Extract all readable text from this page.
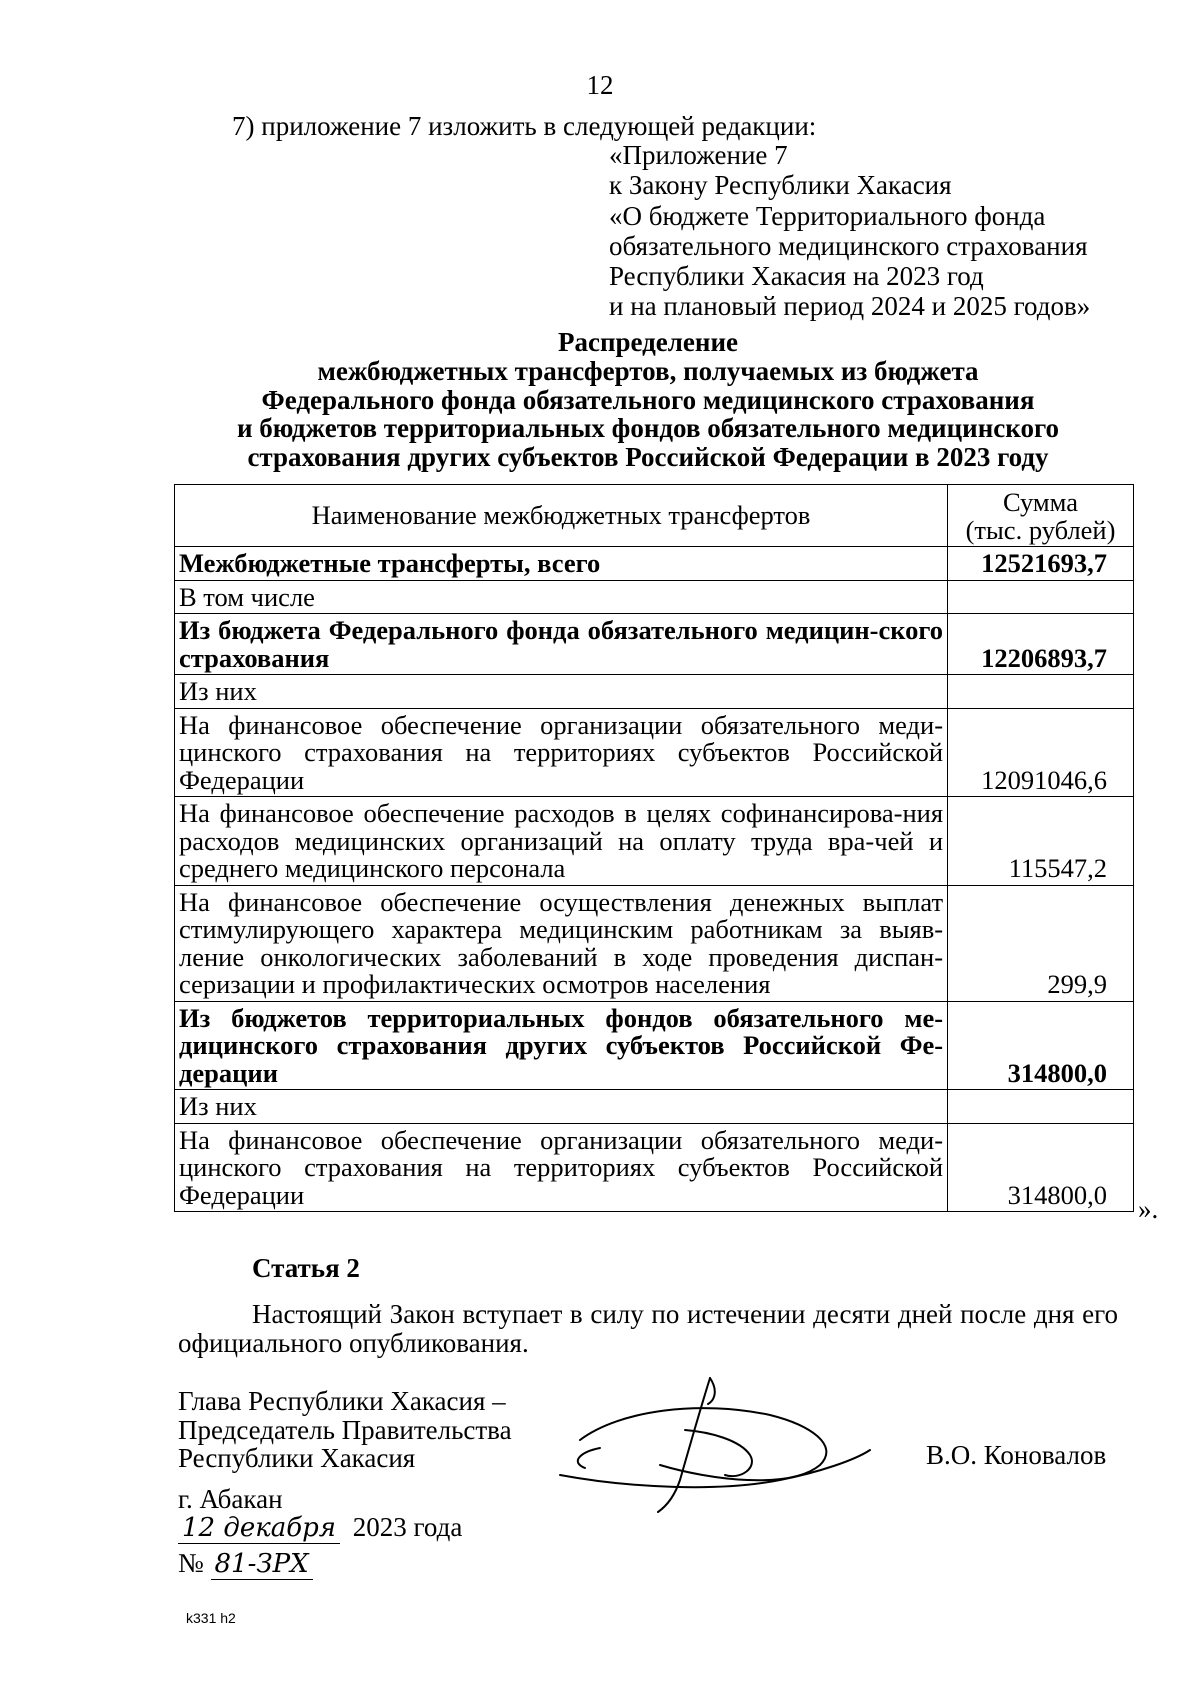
12
7) приложение 7 изложить в следующей редакции:
«Приложение 7
к Закону Республики Хакасия
«О бюджете Территориального фонда
обязательного медицинского страхования
Республики Хакасия на 2023 год
и на плановый период 2024 и 2025 годов»
Распределение
межбюджетных трансфертов, получаемых из бюджета
Федерального фонда обязательного медицинского страхования
и бюджетов территориальных фондов обязательного медицинского
страхования других субъектов Российской Федерации в 2023 году
Наименование межбюджетных трансфертов	Сумма
(тыс. рублей)
Межбюджетные трансферты, всего	12521693,7
В том числе	
Из бюджета Федерального фонда обязательного медицин-ского страхования	12206893,7
Из них	
На финансовое обеспечение организации обязательного меди-цинского страхования на территориях субъектов Российской Федерации	12091046,6
На финансовое обеспечение расходов в целях софинансирова-ния расходов медицинских организаций на оплату труда вра-чей и среднего медицинского персонала	115547,2
На финансовое обеспечение осуществления денежных выплат стимулирующего характера медицинским работникам за выяв-ление онкологических заболеваний в ходе проведения диспан-серизации и профилактических осмотров населения	299,9
Из бюджетов территориальных фондов обязательного ме-дицинского страхования других субъектов Российской Фе-дерации	314800,0
Из них	
На финансовое обеспечение организации обязательного меди-цинского страхования на территориях субъектов Российской Федерации	314800,0 ».
Статья 2
Настоящий Закон вступает в силу по истечении десяти дней после дня его официального опубликования.
Глава Республики Хакасия –
Председатель Правительства
Республики Хакасия	В.О. Коновалов
г. Абакан
12 декабря 2023 года
№ 81-ЗРХ
k331 h2
